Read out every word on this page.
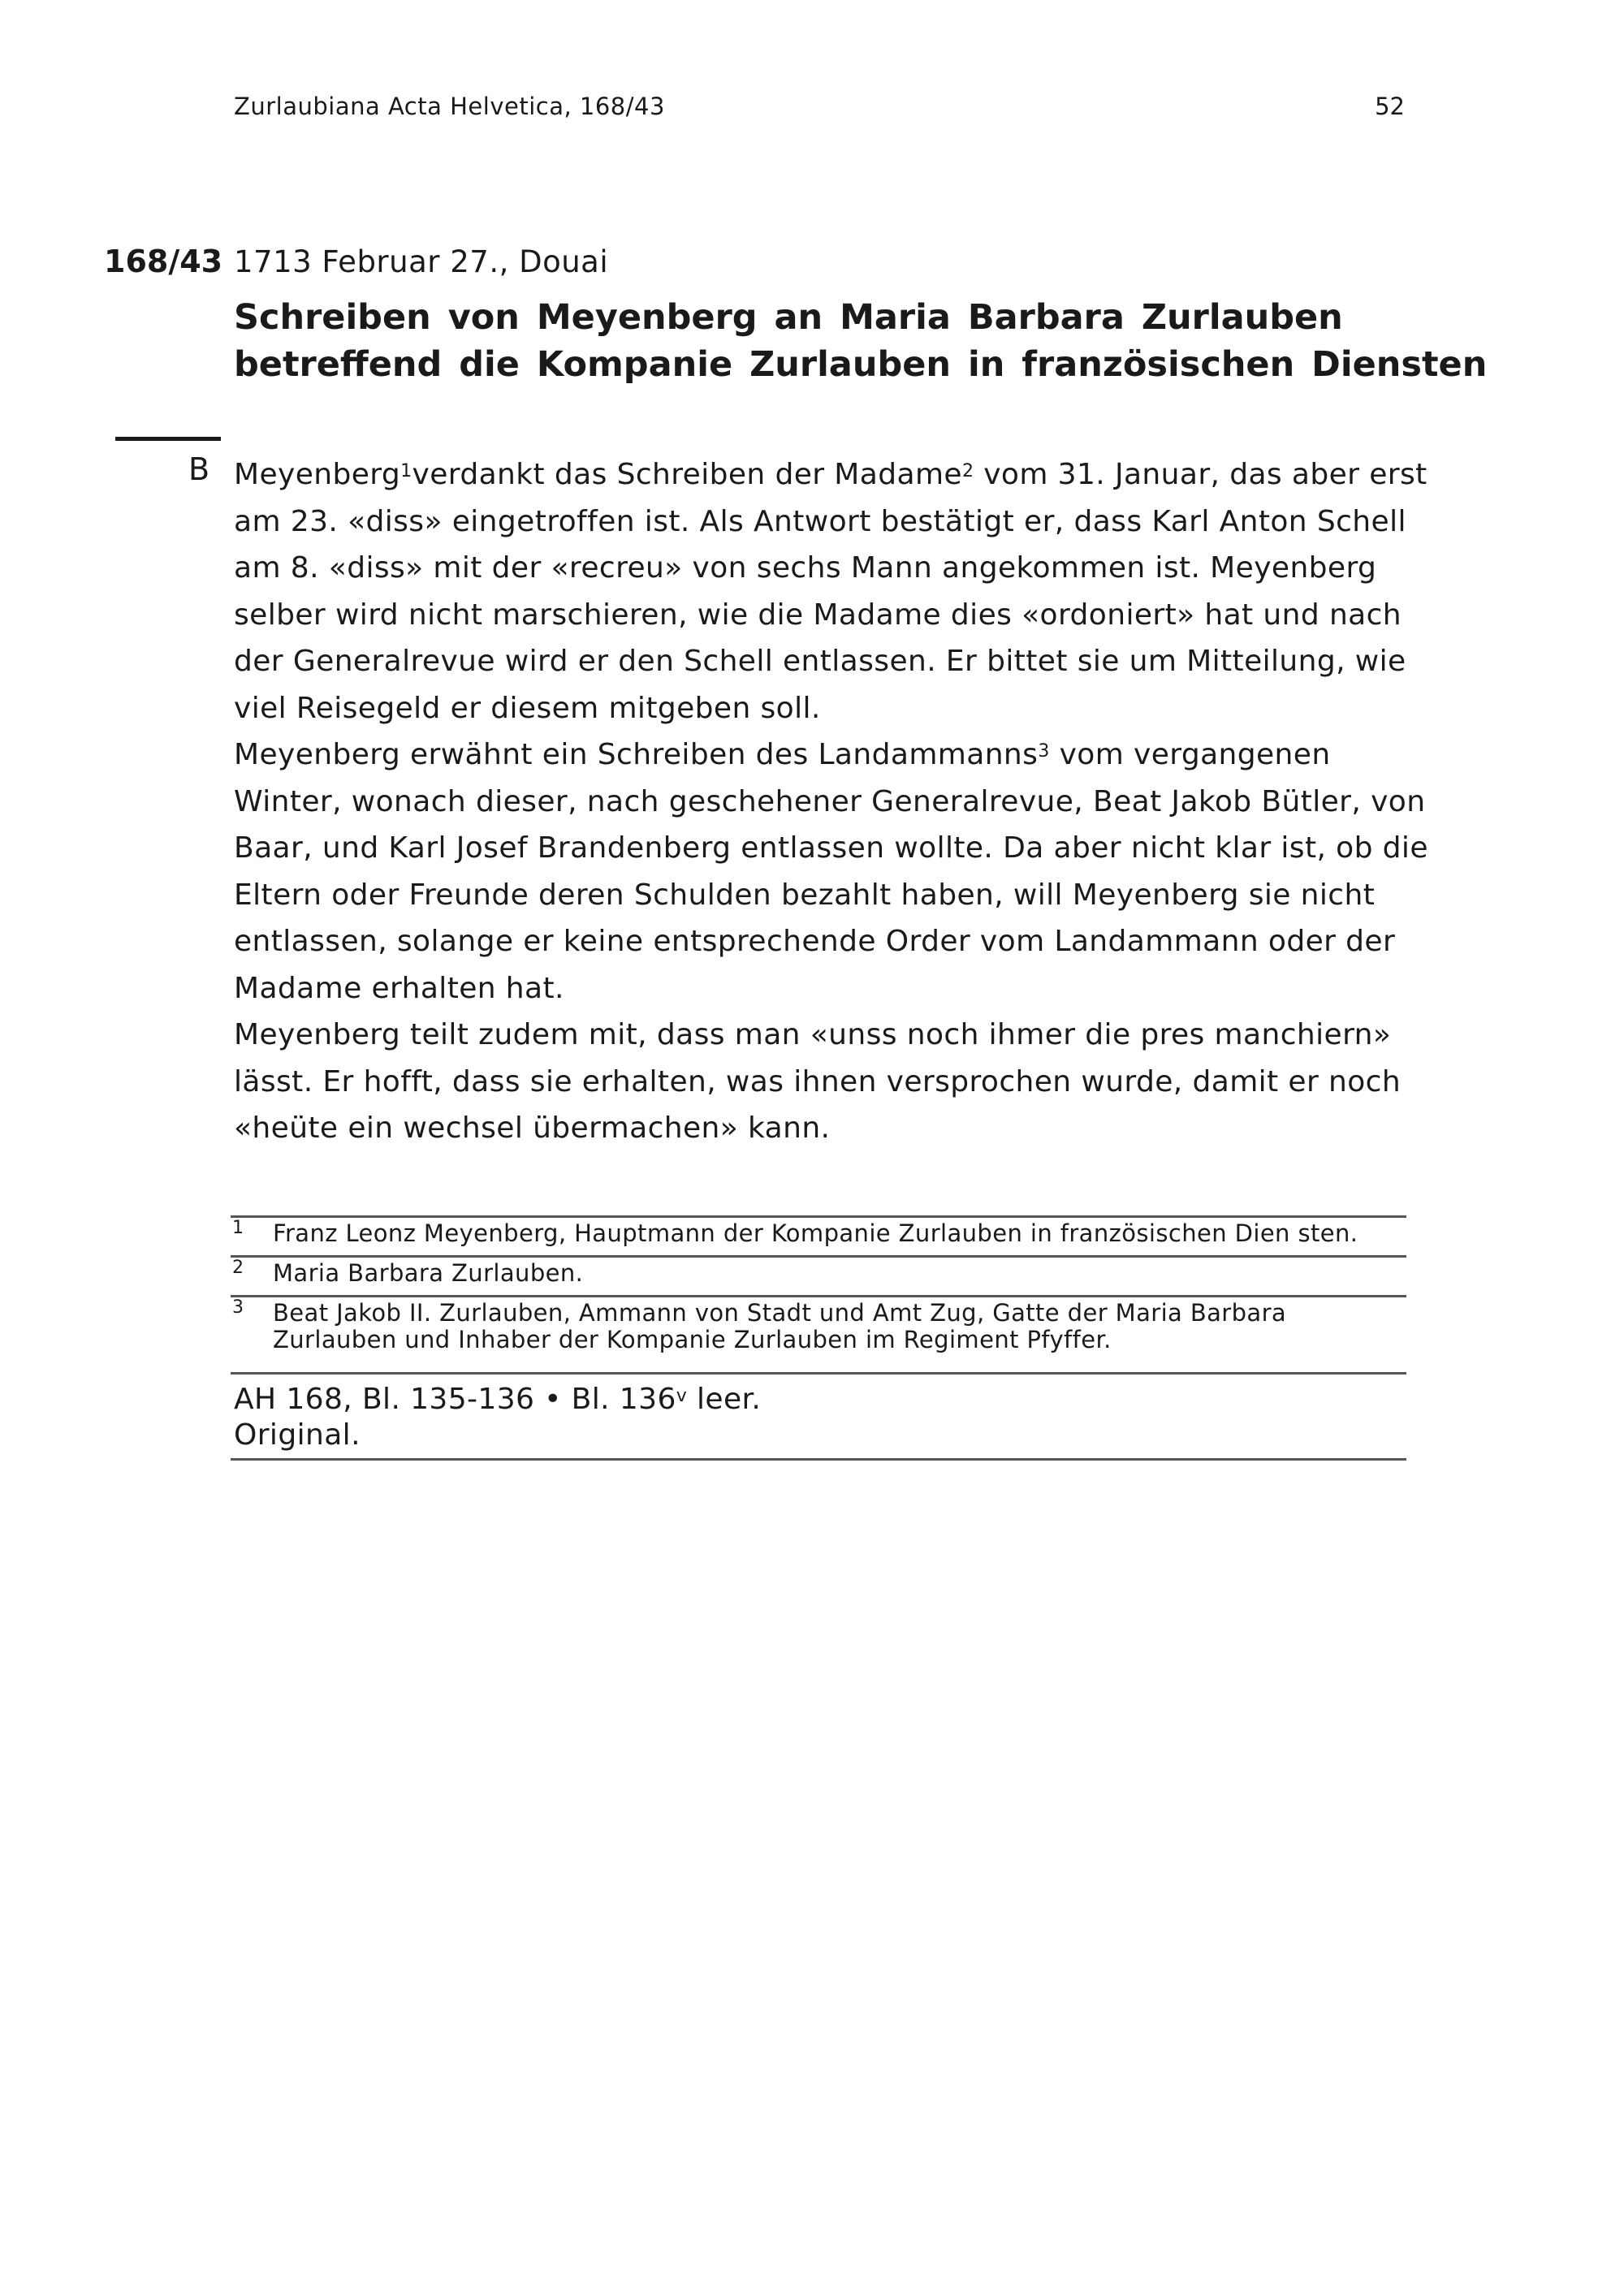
Zurlaubiana Acta Helvetica, 168/43	52
168/43 1713 Februar 27., Douai
Schreiben von Meyenberg an Maria Barbara Zurlauben
betreffend die Kompanie Zurlauben in französischen Diensten
B Meyenberg$^1$verdankt das Schreiben der Madame$^2$ vom 31. Januar, das aber erst

am 23. «diss» eingetroffen ist. Als Antwort bestätigt er, dass Karl Anton Schell

am 8. «diss» mit der «recreu» von sechs Mann angekommen ist. Meyenberg

selber wird nicht marschieren, wie die Madame dies «ordoniert» hat und nach

der Generalrevue wird er den Schell entlassen. Er bittet sie um Mitteilung, wie

viel Reisegeld er diesem mitgeben soll.

Meyenberg erwähnt ein Schreiben des Landammanns$^3$ vom vergangenen

Winter, wonach dieser, nach geschehener Generalrevue, Beat Jakob Bütler, von

Baar, und Karl Josef Brandenberg entlassen wollte. Da aber nicht klar ist, ob die

Eltern oder Freunde deren Schulden bezahlt haben, will Meyenberg sie nicht

entlassen, solange er keine entsprechende Order vom Landammann oder der

Madame erhalten hat.

Meyenberg teilt zudem mit, dass man «unss noch ihmer die pres manchiern»

lässt. Er hofft, dass sie erhalten, was ihnen versprochen wurde, damit er noch

«heüte ein wechsel übermachen» kann.

1 Franz Leonz Meyenberg, Hauptmann der Kompanie Zurlauben in französischen Dien sten.
2 Maria Barbara Zurlauben.
3 Beat Jakob II. Zurlauben, Ammann von Stadt und Amt Zug, Gatte der Maria Barbara
Zurlauben und Inhaber der Kompanie Zurlauben im Regiment Pfyffer.
AH 168, Bl. 135-136 • Bl. 136$^v$ leer.
Original.
